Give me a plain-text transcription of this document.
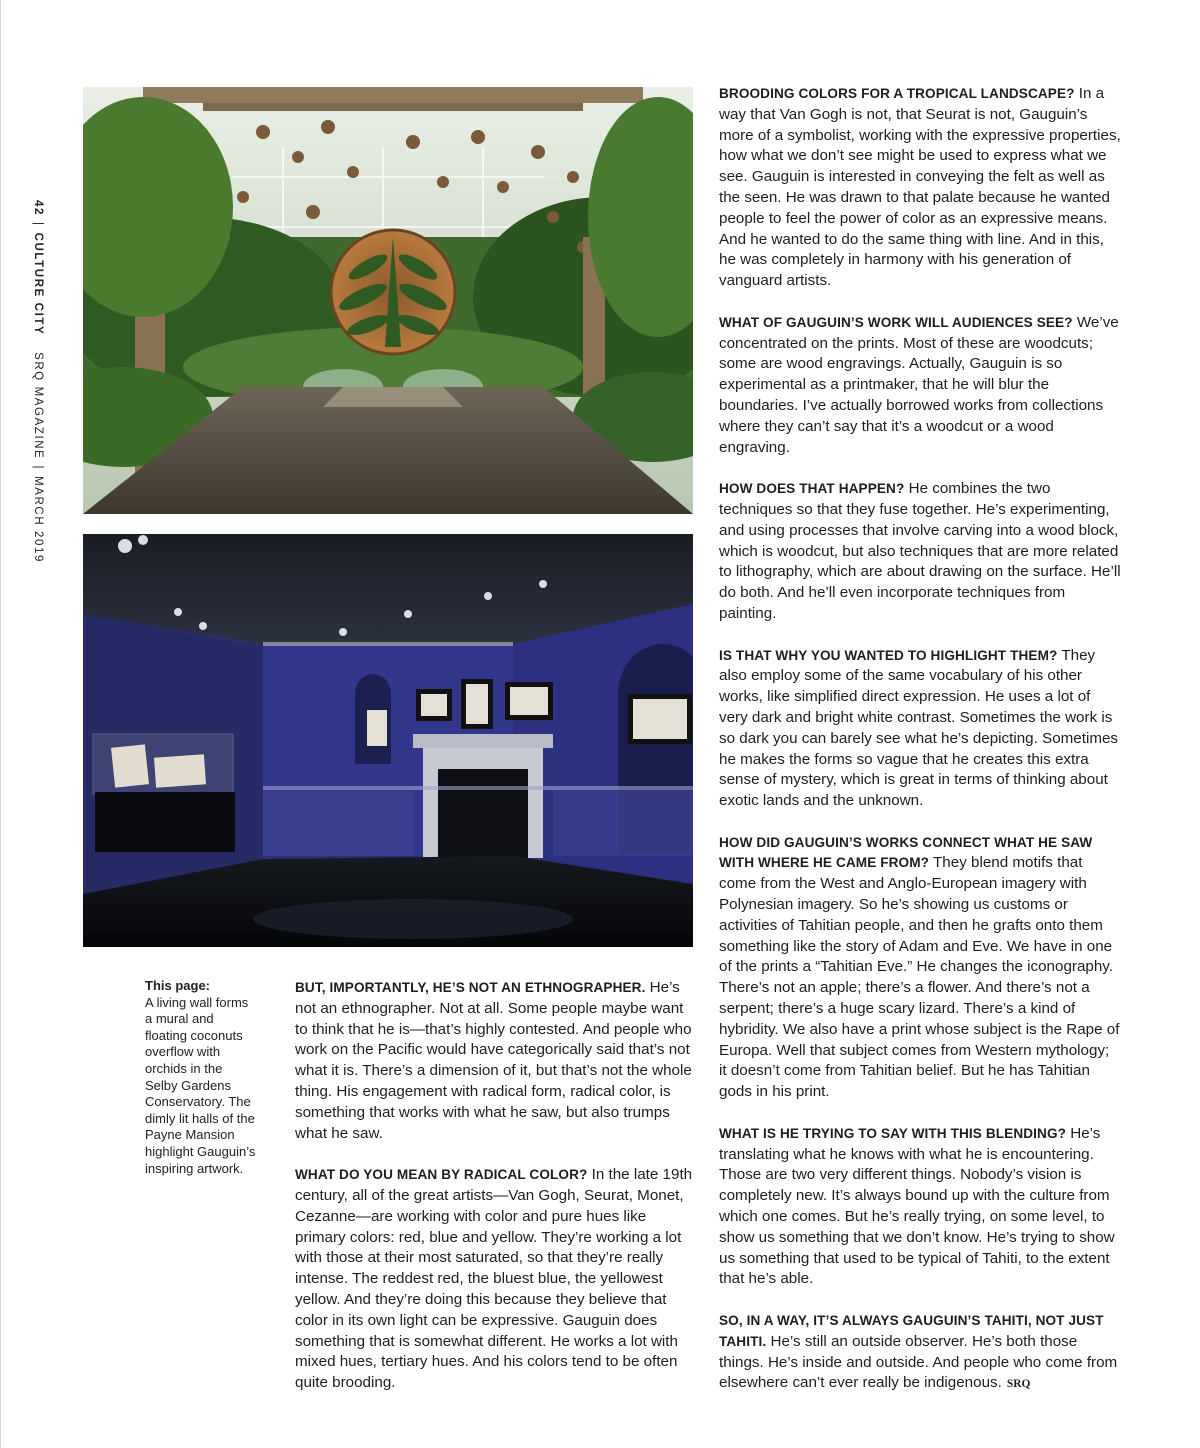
42|CULTURE CITY SRQ MAGAZINE|MARCH 2019
This page:
A living wall forms a mural and floating coconuts overflow with orchids in the Selby Gardens Conservatory. The dimly lit halls of the Payne Mansion highlight Gauguin’s inspiring artwork.

BUT, IMPORTANTLY, HE’S NOT AN ETHNOGRAPHER. He’s not an ethnographer. Not at all. Some people maybe want to think that he is—that’s highly contested. And people who work on the Pacific would have categorically said that’s not what it is. There’s a dimension of it, but that’s not the whole thing. His engagement with radical form, radical color, is something that works with what he saw, but also trumps what he saw.

WHAT DO YOU MEAN BY RADICAL COLOR? In the late 19th century, all of the great artists—Van Gogh, Seurat, Monet, Cezanne—are working with color and pure hues like primary colors: red, blue and yellow. They’re working a lot with those at their most saturated, so that they’re really intense. The reddest red, the bluest blue, the yellowest yellow. And they’re doing this because they believe that color in its own light can be expressive. Gauguin does something that is somewhat different. He works a lot with mixed hues, tertiary hues. And his colors tend to be often quite brooding.

BROODING COLORS FOR A TROPICAL LANDSCAPE? In a way that Van Gogh is not, that Seurat is not, Gauguin’s more of a symbolist, working with the expressive properties, how what we don’t see might be used to express what we see. Gauguin is interested in conveying the felt as well as the seen. He was drawn to that palate because he wanted people to feel the power of color as an expressive means. And he wanted to do the same thing with line. And in this, he was completely in harmony with his generation of vanguard artists.

WHAT OF GAUGUIN’S WORK WILL AUDIENCES SEE? We’ve concentrated on the prints. Most of these are woodcuts; some are wood engravings. Actually, Gauguin is so experimental as a printmaker, that he will blur the boundaries. I’ve actually borrowed works from collections where they can’t say that it’s a woodcut or a wood engraving.

HOW DOES THAT HAPPEN? He combines the two techniques so that they fuse together. He’s experimenting, and using processes that involve carving into a wood block, which is woodcut, but also techniques that are more related to lithography, which are about drawing on the surface. He’ll do both. And he’ll even incorporate techniques from painting.

IS THAT WHY YOU WANTED TO HIGHLIGHT THEM? They also employ some of the same vocabulary of his other works, like simplified direct expression. He uses a lot of very dark and bright white contrast. Sometimes the work is so dark you can barely see what he’s depicting. Sometimes he makes the forms so vague that he creates this extra sense of mystery, which is great in terms of thinking about exotic lands and the unknown.

HOW DID GAUGUIN’S WORKS CONNECT WHAT HE SAW WITH WHERE HE CAME FROM? They blend motifs that come from the West and Anglo-European imagery with Polynesian imagery. So he’s showing us customs or activities of Tahitian people, and then he grafts onto them something like the story of Adam and Eve. We have in one of the prints a “Tahitian Eve.” He changes the iconography. There’s not an apple; there’s a flower. And there’s not a serpent; there’s a huge scary lizard. There’s a kind of hybridity. We also have a print whose subject is the Rape of Europa. Well that subject comes from Western mythology; it doesn’t come from Tahitian belief. But he has Tahitian gods in his print.

WHAT IS HE TRYING TO SAY WITH THIS BLENDING? He’s translating what he knows with what he is encountering. Those are two very different things. Nobody’s vision is completely new. It’s always bound up with the culture from which one comes. But he’s really trying, on some level, to show us something that we don’t know. He’s trying to show us something that used to be typical of Tahiti, to the extent that he’s able.

SO, IN A WAY, IT’S ALWAYS GAUGUIN’S TAHITI, NOT JUST TAHITI. He’s still an outside observer. He’s both those things. He’s inside and outside. And people who come from elsewhere can’t ever really be indigenous. SRQ
